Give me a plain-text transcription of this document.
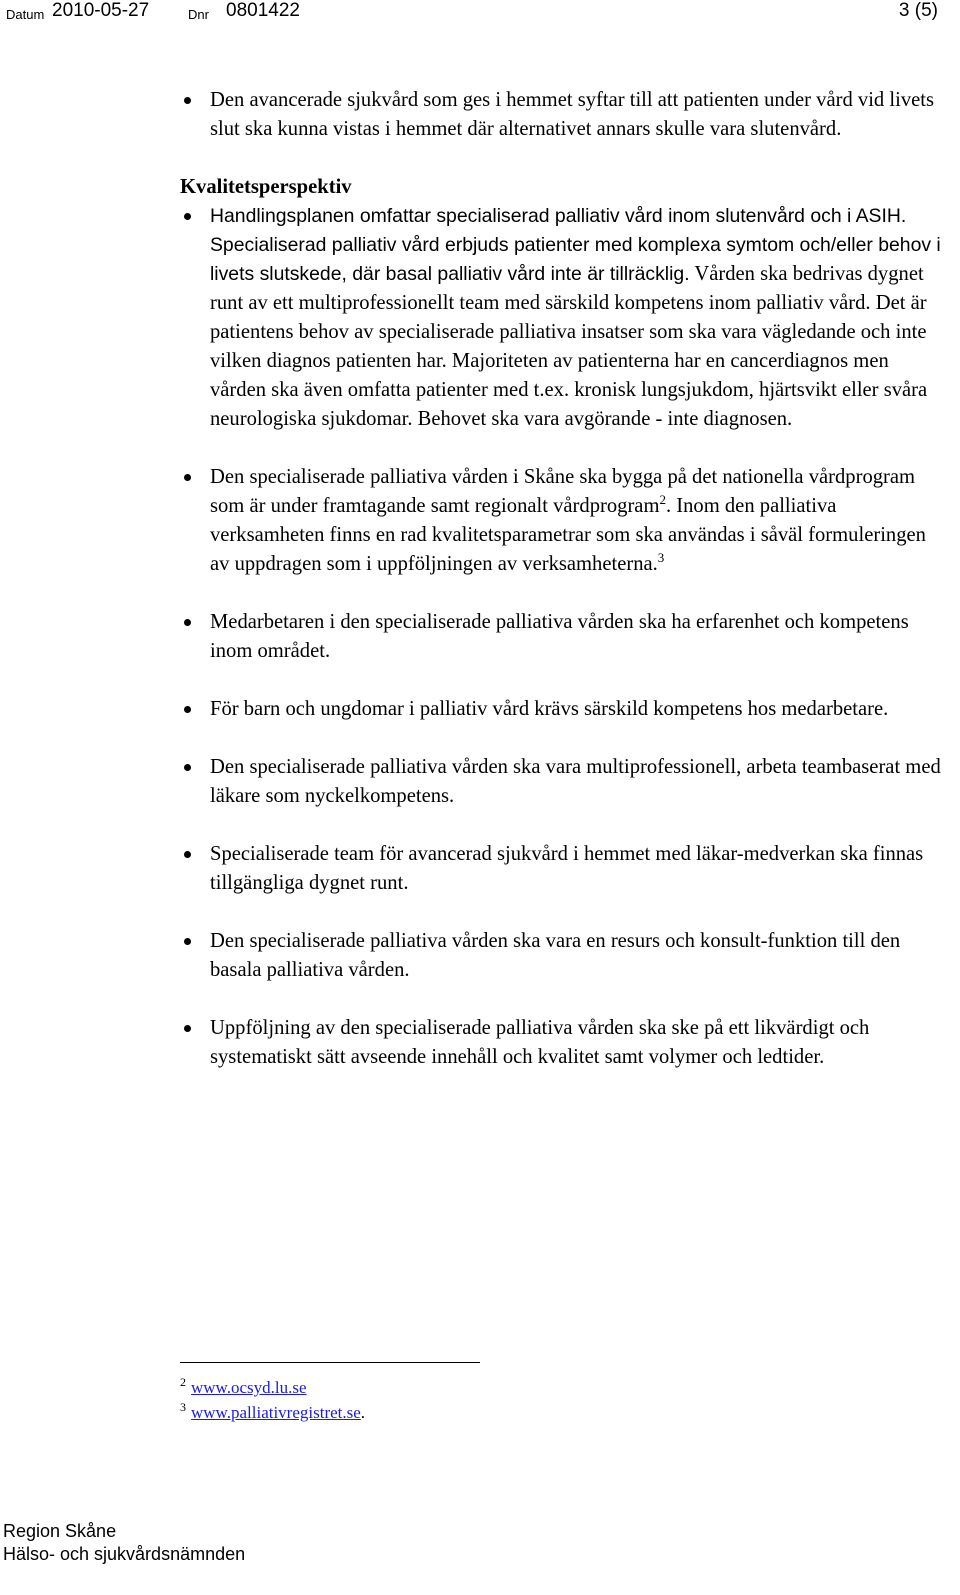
Datum 2010-05-27	Dnr 0801422	3 (5)
Den avancerade sjukvård som ges i hemmet syftar till att patienten under vård vid livets slut ska kunna vistas i hemmet där alternativet annars skulle vara slutenvård.
Kvalitetsperspektiv
Handlingsplanen omfattar specialiserad palliativ vård inom slutenvård och i ASIH. Specialiserad palliativ vård erbjuds patienter med komplexa symtom och/eller behov i livets slutskede, där basal palliativ vård inte är tillräcklig. Vården ska bedrivas dygnet runt av ett multiprofessionellt team med särskild kompetens inom palliativ vård. Det är patientens behov av specialiserade palliativa insatser som ska vara vägledande och inte vilken diagnos patienten har. Majoriteten av patienterna har en cancerdiagnos men vården ska även omfatta patienter med t.ex. kronisk lungsjukdom, hjärtsvikt eller svåra neurologiska sjukdomar. Behovet ska vara avgörande - inte diagnosen.
Den specialiserade palliativa vården i Skåne ska bygga på det nationella vårdprogram som är under framtagande samt regionalt vårdprogram$^2$. Inom den palliativa verksamheten finns en rad kvalitetsparametrar som ska användas i såväl formuleringen av uppdragen som i uppföljningen av verksamheterna.$^3$
Medarbetaren i den specialiserade palliativa vården ska ha erfarenhet och kompetens inom området.
För barn och ungdomar i palliativ vård krävs särskild kompetens hos medarbetare.
Den specialiserade palliativa vården ska vara multiprofessionell, arbeta teambaserat med läkare som nyckelkompetens.
Specialiserade team för avancerad sjukvård i hemmet med läkar-medverkan ska finnas tillgängliga dygnet runt.
Den specialiserade palliativa vården ska vara en resurs och konsult-funktion till den basala palliativa vården.
Uppföljning av den specialiserade palliativa vården ska ske på ett likvärdigt och systematiskt sätt avseende innehåll och kvalitet samt volymer och ledtider.
$^2$ www.ocsyd.lu.se
$^3$ www.palliativregistret.se.
Region Skåne
Hälso- och sjukvårdsnämnden
